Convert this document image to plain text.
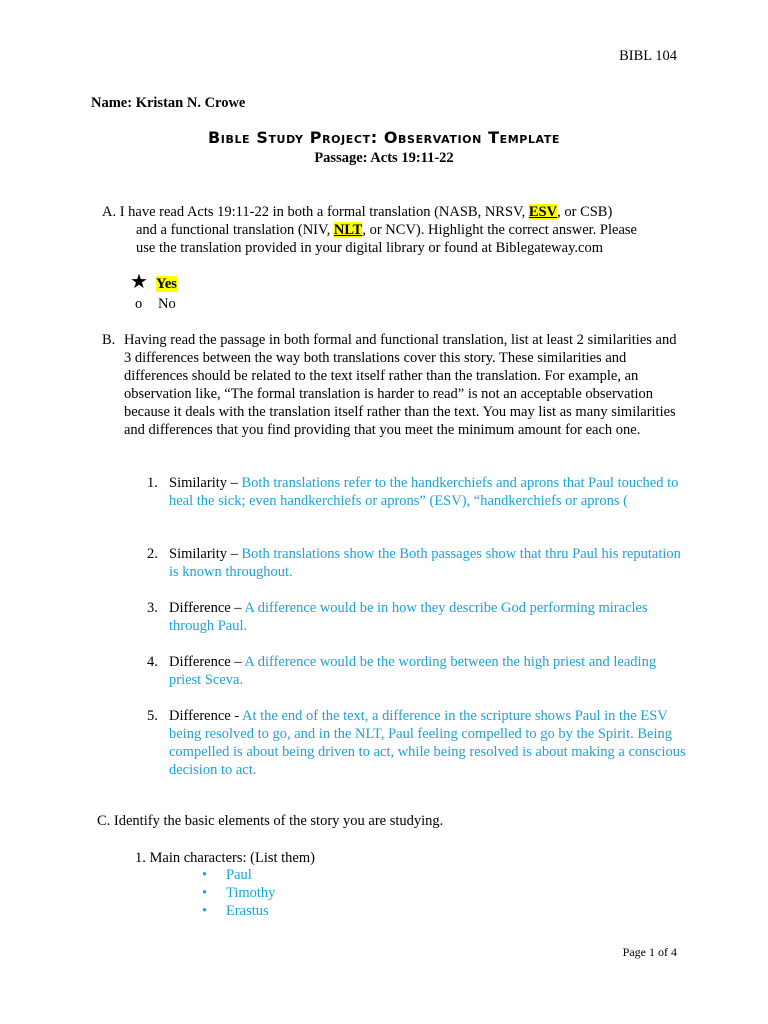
BIBL 104
Name: Kristan N. Crowe
Bible Study Project: Observation Template
Passage: Acts 19:11-22
A. I have read Acts 19:11-22 in both a formal translation (NASB, NRSV, ESV, or CSB)
and a functional translation (NIV, NLT, or NCV). Highlight the correct answer. Please
use the translation provided in your digital library or found at Biblegateway.com
★ Yes
o No
B. Having read the passage in both formal and functional translation, list at least 2 similarities and 3 differences between the way both translations cover this story. These similarities and differences should be related to the text itself rather than the translation. For example, an observation like, “The formal translation is harder to read” is not an acceptable observation because it deals with the translation itself rather than the text. You may list as many similarities and differences that you find providing that you meet the minimum amount for each one.
1. Similarity – Both translations refer to the handkerchiefs and aprons that Paul touched to heal the sick; even handkerchiefs or aprons” (ESV), “handkerchiefs or aprons (
2. Similarity – Both translations show the Both passages show that thru Paul his reputation is known throughout.
3. Difference – A difference would be in how they describe God performing miracles through Paul.
4. Difference – A difference would be the wording between the high priest and leading priest Sceva.
5. Difference - At the end of the text, a difference in the scripture shows Paul in the ESV being resolved to go, and in the NLT, Paul feeling compelled to go by the Spirit. Being compelled is about being driven to act, while being resolved is about making a conscious decision to act.
C. Identify the basic elements of the story you are studying.
1. Main characters: (List them)
• Paul
• Timothy
• Erastus
Page 1 of 4
